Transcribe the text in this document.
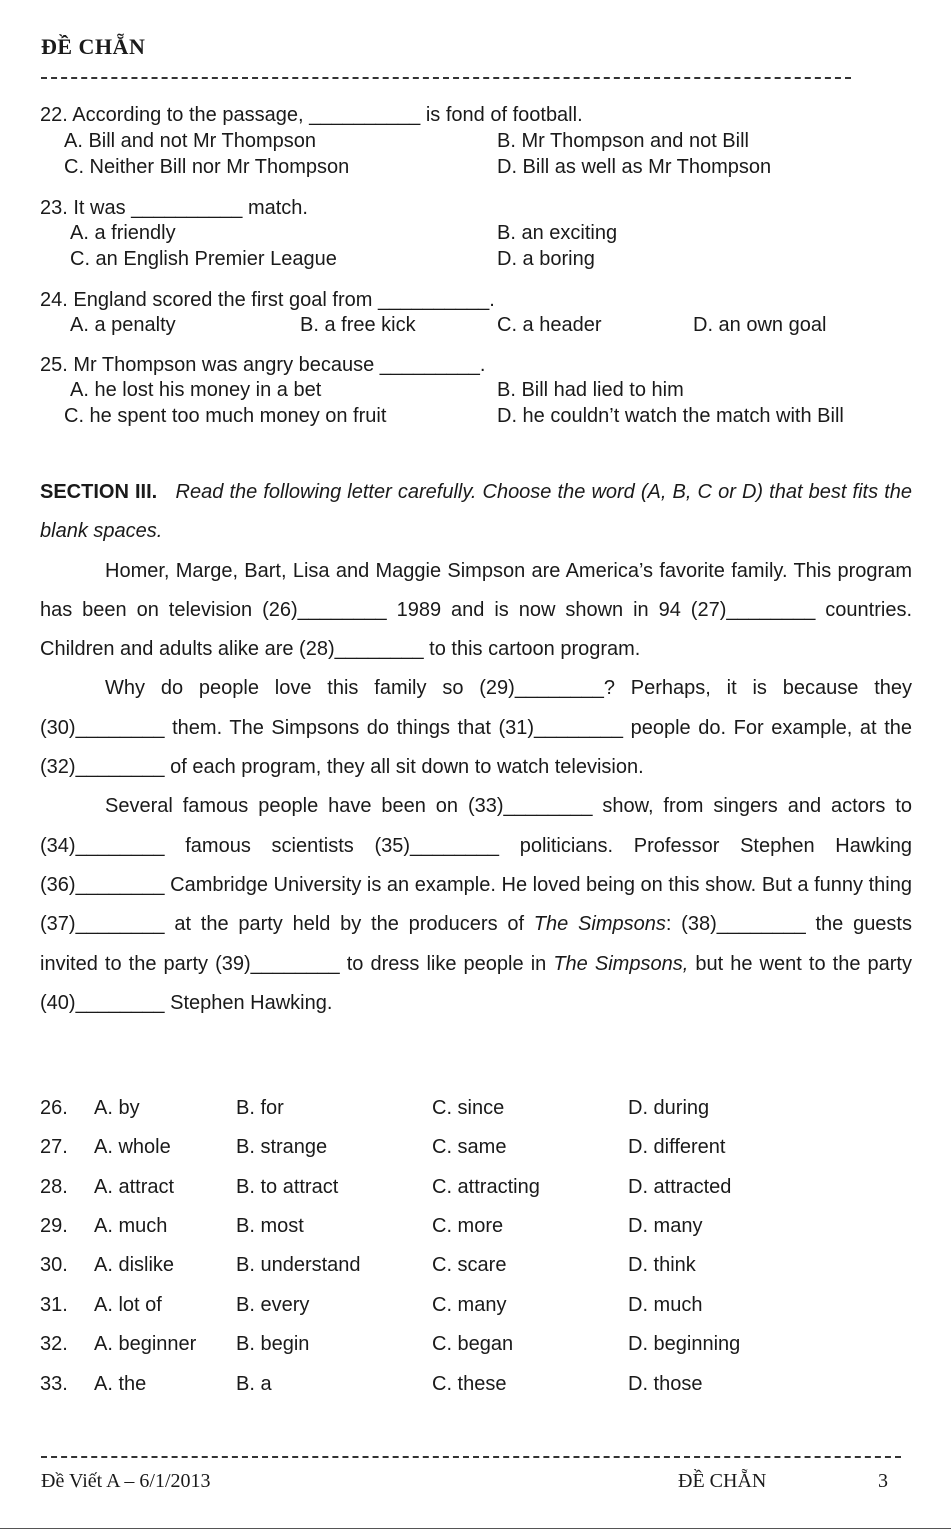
ĐỀ CHẴN
22. According to the passage, __________ is fond of football.
A. Bill and not Mr Thompson	B. Mr Thompson and not Bill
C. Neither Bill nor Mr Thompson	D. Bill as well as Mr Thompson
23. It was __________ match.
A. a friendly	B. an exciting
C. an English Premier League	D. a boring
24. England scored the first goal from __________.
A. a penalty	B. a free kick	C. a header	D. an own goal
25. Mr Thompson was angry because _________.
A. he lost his money in a bet	B. Bill had lied to him
C. he spent too much money on fruit	D. he couldn’t watch the match with Bill

SECTION III. Read the following letter carefully. Choose the word (A, B, C or D) that best fits the blank spaces.

Homer, Marge, Bart, Lisa and Maggie Simpson are America’s favorite family. This program has been on television (26)________ 1989 and is now shown in 94 (27)________ countries. Children and adults alike are (28)________ to this cartoon program.

Why do people love this family so (29)________? Perhaps, it is because they (30)________ them. The Simpsons do things that (31)________ people do. For example, at the (32)________ of each program, they all sit down to watch television.

Several famous people have been on (33)________ show, from singers and actors to (34)________ famous scientists (35)________ politicians. Professor Stephen Hawking (36)________ Cambridge University is an example. He loved being on this show. But a funny thing (37)________ at the party held by the producers of The Simpsons: (38)________ the guests invited to the party (39)________ to dress like people in The Simpsons, but he went to the party (40)________ Stephen Hawking.

26. A. by	B. for	C. since	D. during
27. A. whole	B. strange	C. same	D. different
28. A. attract	B. to attract	C. attracting	D. attracted
29. A. much	B. most	C. more	D. many
30. A. dislike	B. understand	C. scare	D. think
31. A. lot of	B. every	C. many	D. much
32. A. beginner B. begin	C. began	D. beginning
33. A. the	B. a	C. these	D. those
Đề Viết A – 6/1/2013	ĐỀ CHẴN	3
